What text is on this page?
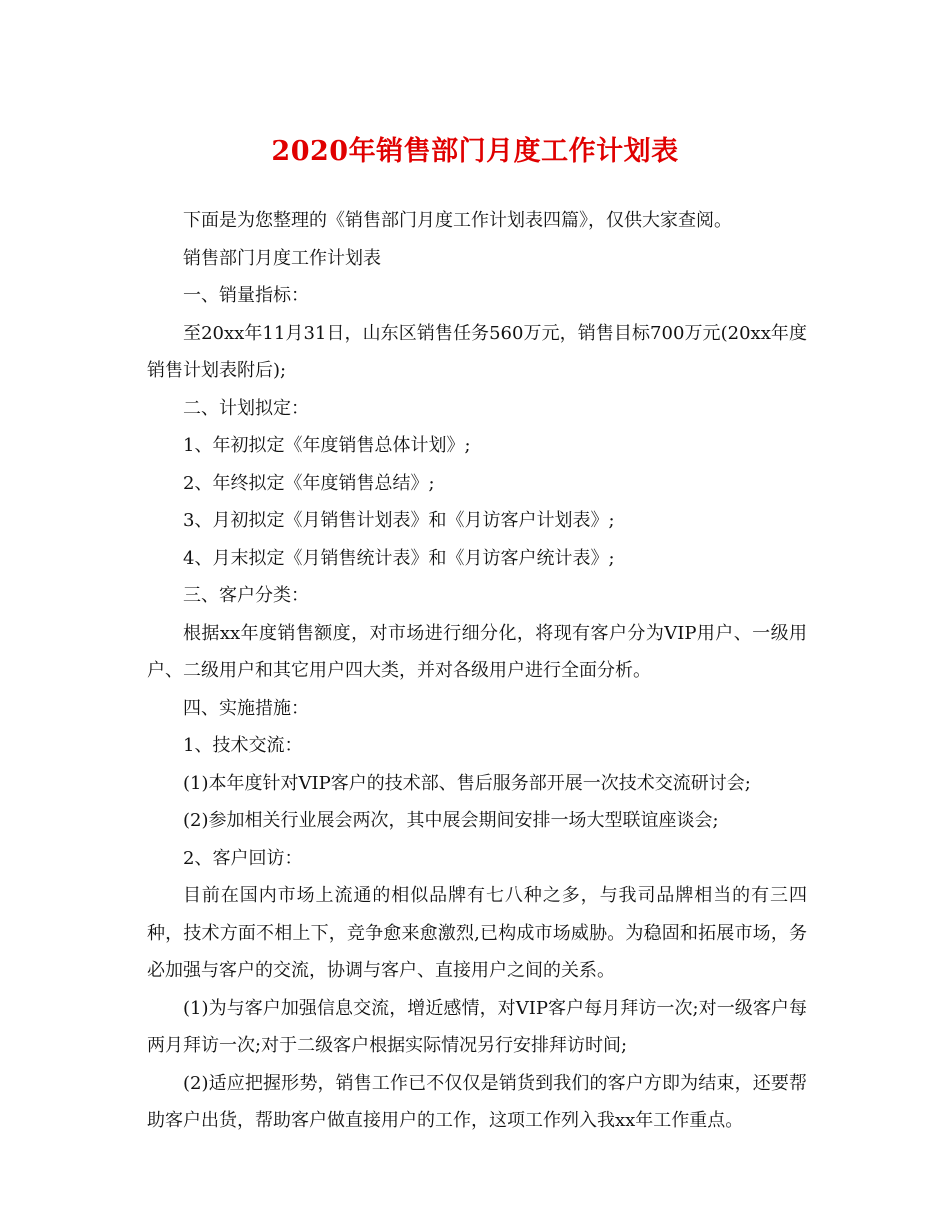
2020年销售部门月度工作计划表

下面是为您整理的《销售部门月度工作计划表四篇》，仅供大家查阅。

销售部门月度工作计划表

一、销量指标：

至20xx年11月31日，山东区销售任务560万元，销售目标700万元(20xx年度销售计划表附后);

二、计划拟定：

1、年初拟定《年度销售总体计划》;

2、年终拟定《年度销售总结》;

3、月初拟定《月销售计划表》和《月访客户计划表》;

4、月末拟定《月销售统计表》和《月访客户统计表》;

三、客户分类：

根据xx年度销售额度，对市场进行细分化，将现有客户分为VIP用户、一级用户、二级用户和其它用户四大类，并对各级用户进行全面分析。

四、实施措施：

1、技术交流：

(1)本年度针对VIP客户的技术部、售后服务部开展一次技术交流研讨会;

(2)参加相关行业展会两次，其中展会期间安排一场大型联谊座谈会;

2、客户回访：

目前在国内市场上流通的相似品牌有七八种之多，与我司品牌相当的有三四种，技术方面不相上下，竞争愈来愈激烈,已构成市场威胁。为稳固和拓展市场，务必加强与客户的交流，协调与客户、直接用户之间的关系。

(1)为与客户加强信息交流，增近感情，对VIP客户每月拜访一次;对一级客户每两月拜访一次;对于二级客户根据实际情况另行安排拜访时间;

(2)适应把握形势，销售工作已不仅仅是销货到我们的客户方即为结束，还要帮助客户出货，帮助客户做直接用户的工作，这项工作列入我xx年工作重点。
